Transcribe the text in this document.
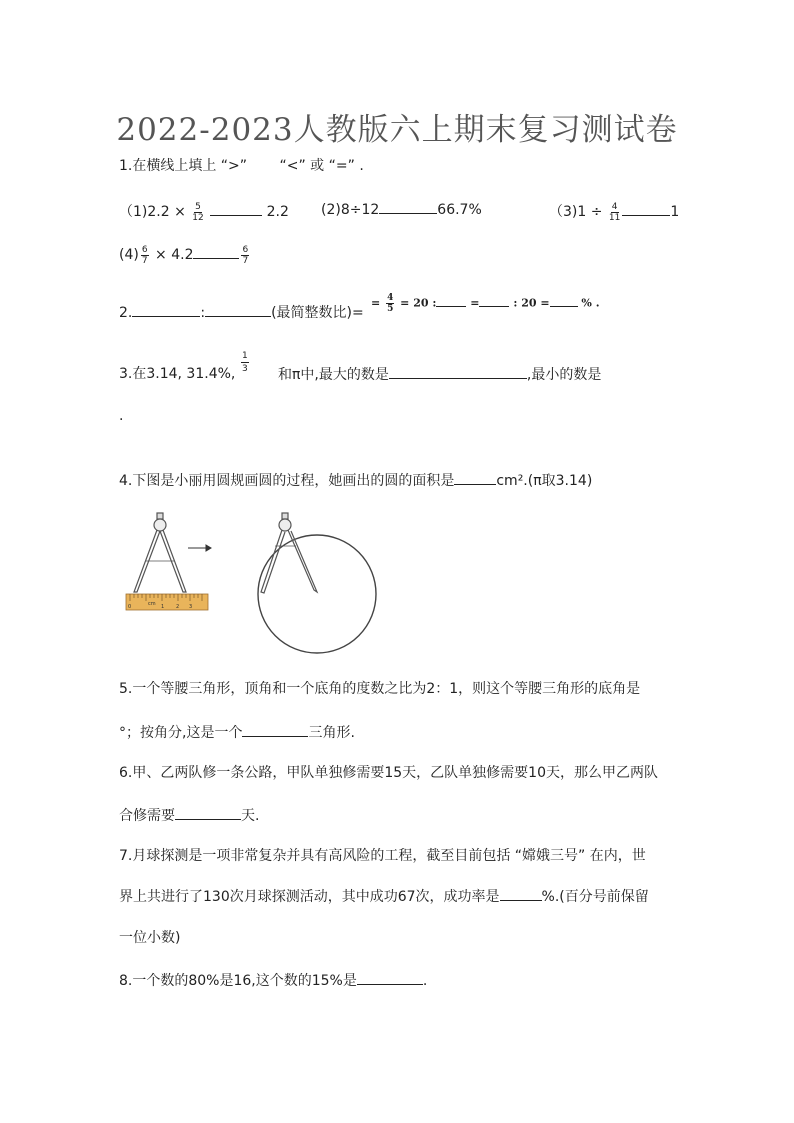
2022-2023人教版六上期末复习测试卷
1.在横线上填上 “>”　　 “<” 或 “=” .
$(1)2.2 \times \frac{5}{12}$	2.2 (2)8÷12	66.7%	$(3)1 \div \frac{4}{11}$	1
$(4) \frac{6}{7} \times 4.2$	$\frac{6}{7}$
2.	:	(最简整数比)=
= $\frac{4}{5} = 20$ :	=	: 20 =	% .
3.在3.14, 31.4%,
1
3 和π中,最大的数是	,最小的数是
.
4.下图是小丽用圆规画圆的过程，她画出的圆的面积是	cm².(π取3.14)
0	cm 1 2 3
5.一个等腰三角形，顶角和一个底角的度数之比为2：1，则这个等腰三角形的底角是
°；按角分,这是一个	三角形.
6.甲、乙两队修一条公路，甲队单独修需要15天，乙队单独修需要10天，那么甲乙两队
合修需要	天.
7.月球探测是一项非常复杂并具有高风险的工程，截至目前包括 “嫦娥三号” 在内，世
界上共进行了130次月球探测活动，其中成功67次，成功率是	%.(百分号前保留
一位小数)
8.一个数的80%是16,这个数的15%是	.
